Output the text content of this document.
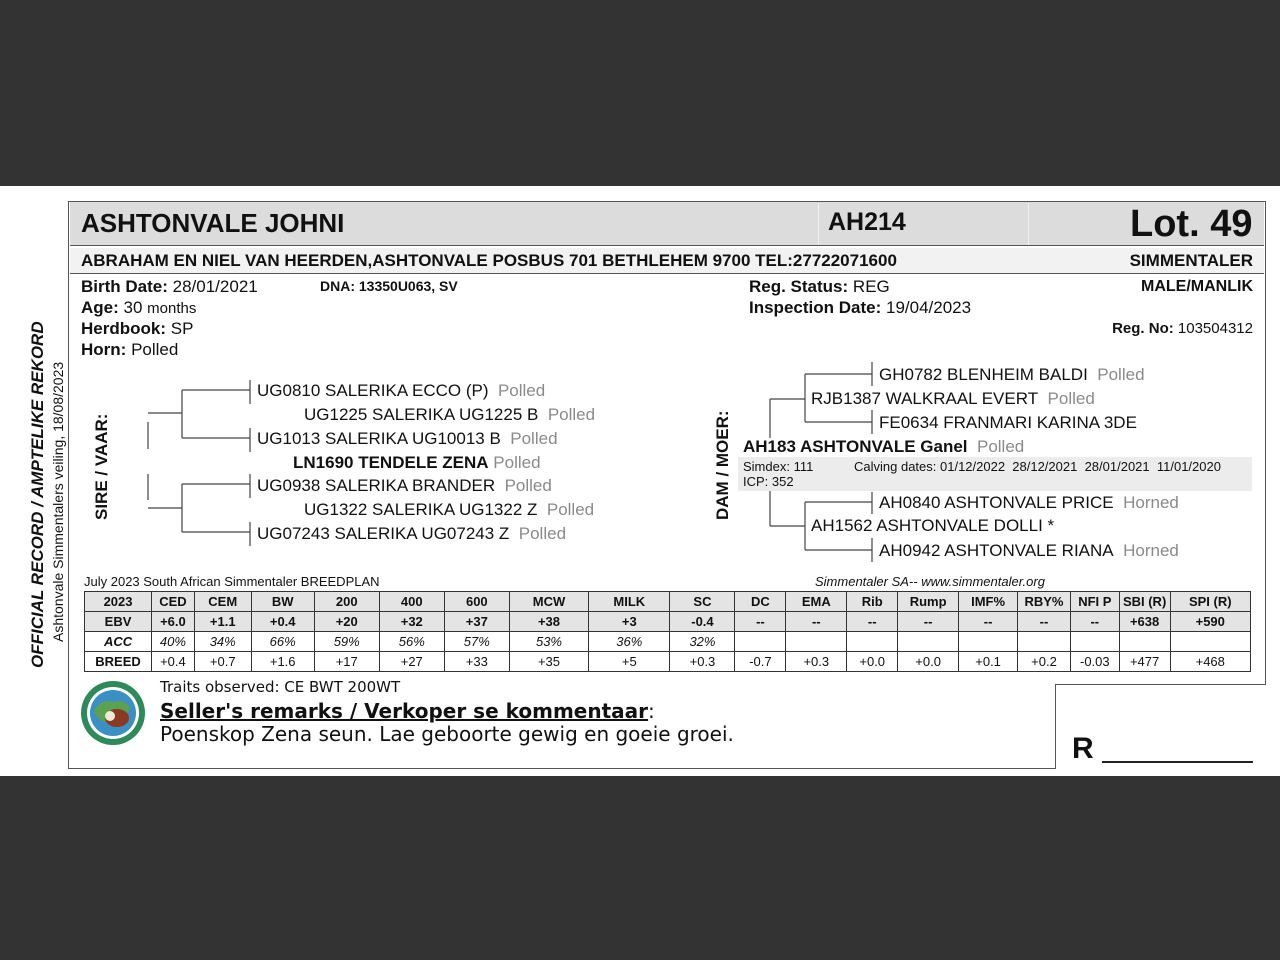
ASHTONVALE JOHNI	AH214	Lot. 49
ABRAHAM EN NIEL VAN HEERDEN,ASHTONVALE POSBUS 701 BETHLEHEM 9700 TEL:27722071600	SIMMENTALER
OFFICIAL RECORD / AMPTELIKE REKORD Ashtonvale Simmentalers veiling, 18/08/2023
Birth Date: 28/01/2021	DNA: 13350U063, SV
Age: 30 months
Herdbook: SP
Horn: Polled
Reg. Status: REG
Inspection Date: 19/04/2023
MALE/MANLIK
Reg. No: 103504312
SIRE / VAAR:	DAM / MOER:
UG0810 SALERIKA ECCO (P) Polled
UG1225 SALERIKA UG1225 B Polled
UG1013 SALERIKA UG10013 B Polled
LN1690 TENDELE ZENA Polled
UG0938 SALERIKA BRANDER Polled
UG1322 SALERIKA UG1322 Z Polled
UG07243 SALERIKA UG07243 Z Polled
GH0782 BLENHEIM BALDI Polled
RJB1387 WALKRAAL EVERT Polled
FE0634 FRANMARI KARINA 3DE
AH183 ASHTONVALE Ganel Polled
Simdex: 111	Calving dates: 01/12/2022  28/12/2021  28/01/2021  11/01/2020
ICP: 352
AH0840 ASHTONVALE PRICE Horned
AH1562 ASHTONVALE DOLLI *
AH0942 ASHTONVALE RIANA Horned
July 2023 South African Simmentaler BREEDPLAN	Simmentaler SA-- www.simmentaler.org
2023	CED	CEM	BW	200	400	600	MCW	MILK	SC	DC	EMA	Rib	Rump	IMF%	RBY%	NFI P	SBI (R)	SPI (R)
EBV	+6.0	+1.1	+0.4	+20	+32	+37	+38	+3	-0.4	--	--	--	--	--	--	--	+638	+590
ACC	40%	34%	66%	59%	56%	57%	53%	36%	32%									
BREED	+0.4	+0.7	+1.6	+17	+27	+33	+35	+5	+0.3	-0.7	+0.3	+0.0	+0.0	+0.1	+0.2	-0.03	+477	+468
Traits observed: CE BWT 200WT
Seller's remarks / Verkoper se kommentaar:
Poenskop Zena seun. Lae geboorte gewig en goeie groei.	R
